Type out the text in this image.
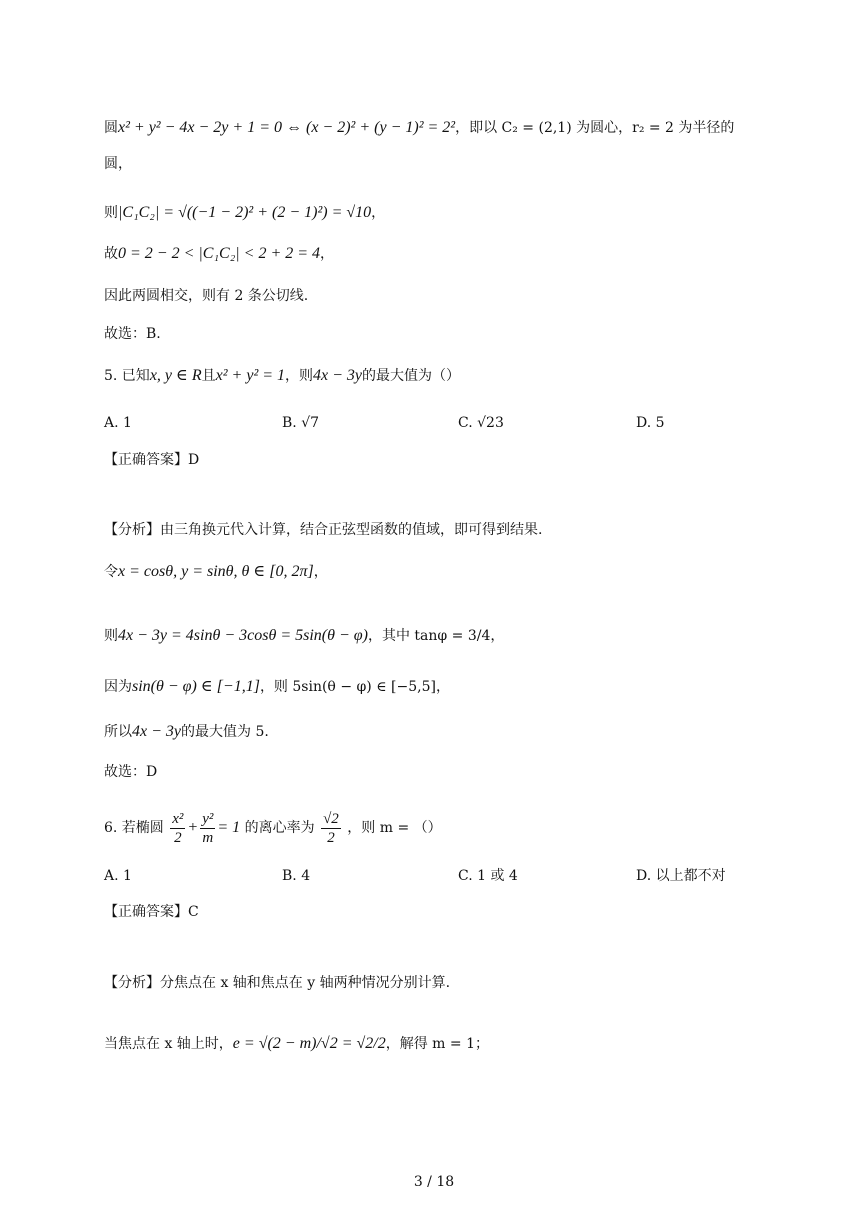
圆x² + y² − 4x − 2y + 1 = 0 ⇔ (x − 2)² + (y − 1)² = 2²，即以 C₂ = (2,1) 为圆心，r₂ = 2 为半径的
圆，
则|C₁C₂| = √((−1 − 2)² + (2 − 1)²) = √10，
故0 = 2 − 2 < |C₁C₂| < 2 + 2 = 4，
因此两圆相交，则有 2 条公切线.
故选：B.
5. 已知x, y ∈ R且x² + y² = 1，则4x − 3y的最大值为（）
A. 1	B. √7	C. √23	D. 5
【正确答案】D
【分析】由三角换元代入计算，结合正弦型函数的值域，即可得到结果.
令x = cosθ, y = sinθ, θ ∈ [0, 2π]，
则4x − 3y = 4sinθ − 3cosθ = 5sin(θ − φ)，其中 tanφ = 3/4，
因为sin(θ − φ) ∈ [−1,1]，则 5sin(θ − φ) ∈ [−5,5]，
所以4x − 3y的最大值为 5.
故选：D
6. 若椭圆 $\frac{\text{x²}}{2} + \frac{\text{y²}}{m} = 1$ 的离心率为 $\frac{√2}{2}$ ，则 m = （）
A. 1	B. 4	C. 1 或 4	D. 以上都不对
【正确答案】C
【分析】分焦点在 x 轴和焦点在 y 轴两种情况分别计算.
当焦点在 x 轴上时，e = √(2 − m)/√2 = √2/2，解得 m = 1；
3 / 18
